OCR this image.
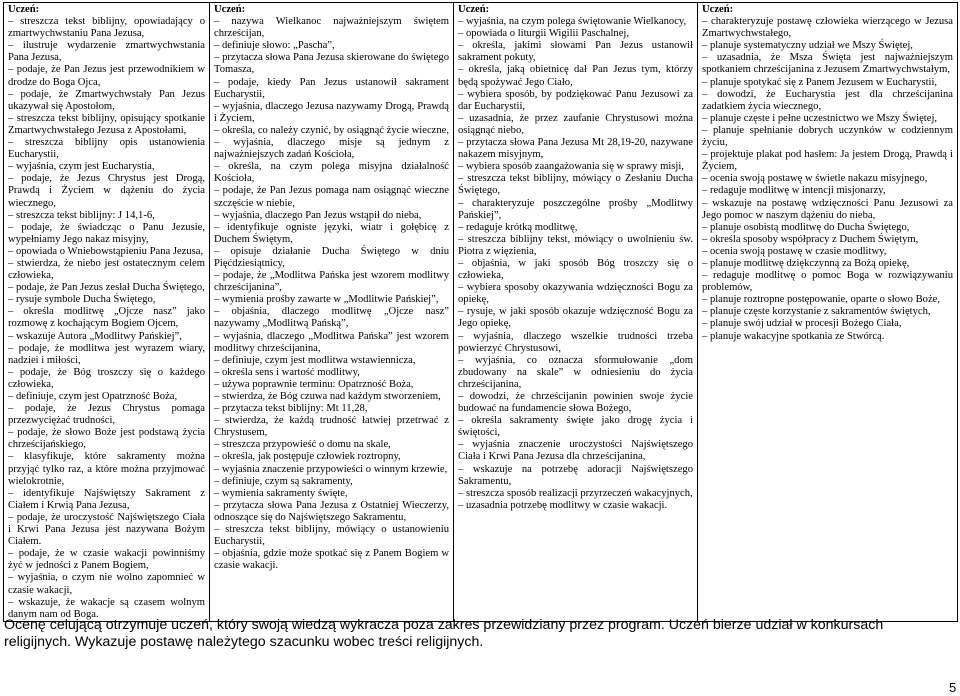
Uczeń:
– streszcza tekst biblijny, opowiadający o zmartwychwstaniu Pana Jezusa,
– ilustruje wydarzenie zmartwychwstania Pana Jezusa,
– podaje, że Pan Jezus jest przewodnikiem w drodze do Boga Ojca,
– podaje, że Zmartwychwstały Pan Jezus ukazywał się Apostołom,
– streszcza tekst biblijny, opisujący spotkanie Zmartwychwstałego Jezusa z Apostołami,
– streszcza biblijny opis ustanowienia Eucharystii,
– wyjaśnia, czym jest Eucharystia,
– podaje, że Jezus Chrystus jest Drogą, Prawdą i Życiem w dążeniu do życia wiecznego,
– streszcza tekst biblijny: J 14,1-6,
– podaje, że świadcząc o Panu Jezusie, wypełniamy Jego nakaz misyjny,
– opowiada o Wniebowstąpieniu Pana Jezusa,
– stwierdza, że niebo jest ostatecznym celem człowieka,
– podaje, że Pan Jezus zesłał Ducha Świętego,
– rysuje symbole Ducha Świętego,
– określa modlitwę „Ojcze nasz” jako rozmowę z kochającym Bogiem Ojcem,
– wskazuje Autora „Modlitwy Pańskiej”,
– podaje, że modlitwa jest wyrazem wiary, nadziei i miłości,
– podaje, że Bóg troszczy się o każdego człowieka,
– definiuje, czym jest Opatrzność Boża,
– podaje, że Jezus Chrystus pomaga przezwyciężać trudności,
– podaje, że słowo Boże jest podstawą życia chrześcijańskiego,
– klasyfikuje, które sakramenty można przyjąć tylko raz, a które można przyjmować wielokrotnie,
– identyfikuje Najświętszy Sakrament z Ciałem i Krwią Pana Jezusa,
– podaje, że uroczystość Najświętszego Ciała i Krwi Pana Jezusa jest nazywana Bożym Ciałem.
– podaje, że w czasie wakacji powinniśmy żyć w jedności z Panem Bogiem,
– wyjaśnia, o czym nie wolno zapomnieć w czasie wakacji,
– wskazuje, że wakacje są czasem wolnym danym nam od Boga.

Uczeń:
– nazywa Wielkanoc najważniejszym świętem chrześcijan,
– definiuje słowo: „Pascha”,
– przytacza słowa Pana Jezusa skierowane do świętego Tomasza,
– podaje, kiedy Pan Jezus ustanowił sakrament Eucharystii,
– wyjaśnia, dlaczego Jezusa nazywamy Drogą, Prawdą i Życiem,
– określa, co należy czynić, by osiągnąć życie wieczne,
– wyjaśnia, dlaczego misje są jednym z najważniejszych zadań Kościoła,
– określa, na czym polega misyjna działalność Kościoła,
– podaje, że Pan Jezus pomaga nam osiągnąć wieczne szczęście w niebie,
– wyjaśnia, dlaczego Pan Jezus wstąpił do nieba,
– identyfikuje ogniste języki, wiatr i gołębicę z Duchem Świętym,
– opisuje działanie Ducha Świętego w dniu Pięćdziesiątnicy,
– podaje, że „Modlitwa Pańska jest wzorem modlitwy chrześcijanina”,
– wymienia prośby zawarte w „Modlitwie Pańskiej”,
– objaśnia, dlaczego modlitwę „Ojcze nasz” nazywamy „Modlitwą Pańską”,
– wyjaśnia, dlaczego „Modlitwa Pańska” jest wzorem modlitwy chrześcijanina,
– definiuje, czym jest modlitwa wstawiennicza,
– określa sens i wartość modlitwy,
– używa poprawnie terminu: Opatrzność Boża,
– stwierdza, że Bóg czuwa nad każdym stworzeniem,
– przytacza tekst biblijny: Mt 11,28,
– stwierdza, że każdą trudność łatwiej przetrwać z Chrystusem,
– streszcza przypowieść o domu na skale,
– określa, jak postępuje człowiek roztropny,
– wyjaśnia znaczenie przypowieści o winnym krzewie,
– definiuje, czym są sakramenty,
– wymienia sakramenty święte,
– przytacza słowa Pana Jezusa z Ostatniej Wieczerzy, odnoszące się do Najświętszego Sakramentu,
– streszcza tekst biblijny, mówiący o ustanowieniu Eucharystii,
– objaśnia, gdzie może spotkać się z Panem Bogiem w czasie wakacji.

Uczeń:
– wyjaśnia, na czym polega świętowanie Wielkanocy,
– opowiada o liturgii Wigilii Paschalnej,
– określa, jakimi słowami Pan Jezus ustanowił sakrament pokuty,
– określa, jaką obietnicę dał Pan Jezus tym, którzy będą spożywać Jego Ciało,
– wybiera sposób, by podziękować Panu Jezusowi za dar Eucharystii,
– uzasadnia, że przez zaufanie Chrystusowi można osiągnąć niebo,
– przytacza słowa Pana Jezusa Mt 28,19-20, nazywane nakazem misyjnym,
– wybiera sposób zaangażowania się w sprawy misji,
– streszcza tekst biblijny, mówiący o Zesłaniu Ducha Świętego,
– charakteryzuje poszczególne prośby „Modlitwy Pańskiej”,
– redaguje krótką modlitwę,
– streszcza biblijny tekst, mówiący o uwolnieniu św. Piotra z więzienia,
– objaśnia, w jaki sposób Bóg troszczy się o człowieka,
– wybiera sposoby okazywania wdzięczności Bogu za opiekę,
– rysuje, w jaki sposób okazuje wdzięczność Bogu za Jego opiekę,
– wyjaśnia, dlaczego wszelkie trudności trzeba powierzyć Chrystusowi,
– wyjaśnia, co oznacza sformułowanie „dom zbudowany na skale” w odniesieniu do życia chrześcijanina,
– dowodzi, że chrześcijanin powinien swoje życie budować na fundamencie słowa Bożego,
– określa sakramenty święte jako drogę życia i świętości,
– wyjaśnia znaczenie uroczystości Najświętszego Ciała i Krwi Pana Jezusa dla chrześcijanina,
– wskazuje na potrzebę adoracji Najświętszego Sakramentu,
– streszcza sposób realizacji przyrzeczeń wakacyjnych,
– uzasadnia potrzebę modlitwy w czasie wakacji.

Uczeń:
– charakteryzuje postawę człowieka wierzącego w Jezusa Zmartwychwstałego,
– planuje systematyczny udział we Mszy Świętej,
– uzasadnia, że Msza Święta jest najważniejszym spotkaniem chrześcijanina z Jezusem Zmartwychwstałym,
– planuje spotykać się z Panem Jezusem w Eucharystii,
– dowodzi, że Eucharystia jest dla chrześcijanina zadatkiem życia wiecznego,
– planuje częste i pełne uczestnictwo we Mszy Świętej,
– planuje spełnianie dobrych uczynków w codziennym życiu,
– projektuje plakat pod hasłem: Ja jestem Drogą, Prawdą i Życiem,
– ocenia swoją postawę w świetle nakazu misyjnego,
– redaguje modlitwę w intencji misjonarzy,
– wskazuje na postawę wdzięczności Panu Jezusowi za Jego pomoc w naszym dążeniu do nieba,
– planuje osobistą modlitwę do Ducha Świętego,
– określa sposoby współpracy z Duchem Świętym,
– ocenia swoją postawę w czasie modlitwy,
– planuje modlitwę dziękczynną za Bożą opiekę,
– redaguje modlitwę o pomoc Boga w rozwiązywaniu problemów,
– planuje roztropne postępowanie, oparte o słowo Boże,
– planuje częste korzystanie z sakramentów świętych,
– planuje swój udział w procesji Bożego Ciała,
– planuje wakacyjne spotkania ze Stwórcą.
Ocenę celującą otrzymuje uczeń, który swoją wiedzą wykracza poza zakres przewidziany przez program. Uczeń bierze udział w konkursach religijnych. Wykazuje postawę należytego szacunku wobec treści religijnych.
5
